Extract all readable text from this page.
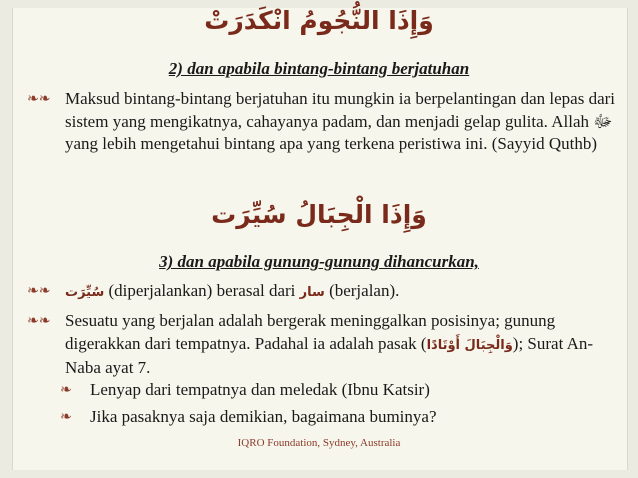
وَإِذَا النُّجُومُ انْكَدَرَتْ
2) dan apabila bintang-bintang berjatuhan
❧❧ Maksud bintang-bintang berjatuhan itu mungkin ia berpelantingan dan lepas dari sistem yang mengikatnya, cahayanya padam, dan menjadi gelap gulita. Allah ﷻ yang lebih mengetahui bintang apa yang terkena peristiwa ini. (Sayyid Quthb)
وَإِذَا الْجِبَالُ سُيِّرَت
3) dan apabila gunung-gunung dihancurkan,
❧❧	سُيِّرَت (diperjalankan) berasal dari سار (berjalan).
❧❧ Sesuatu yang berjalan adalah bergerak meninggalkan posisinya; gunung digerakkan dari tempatnya. Padahal ia adalah pasak (وَالْجِبَالَ أَوْتَادًا); Surat An-Naba ayat 7.
❧	Lenyap dari tempatnya dan meledak (Ibnu Katsir)
❧	Jika pasaknya saja demikian, bagaimana buminya?
IQRO Foundation, Sydney, Australia
